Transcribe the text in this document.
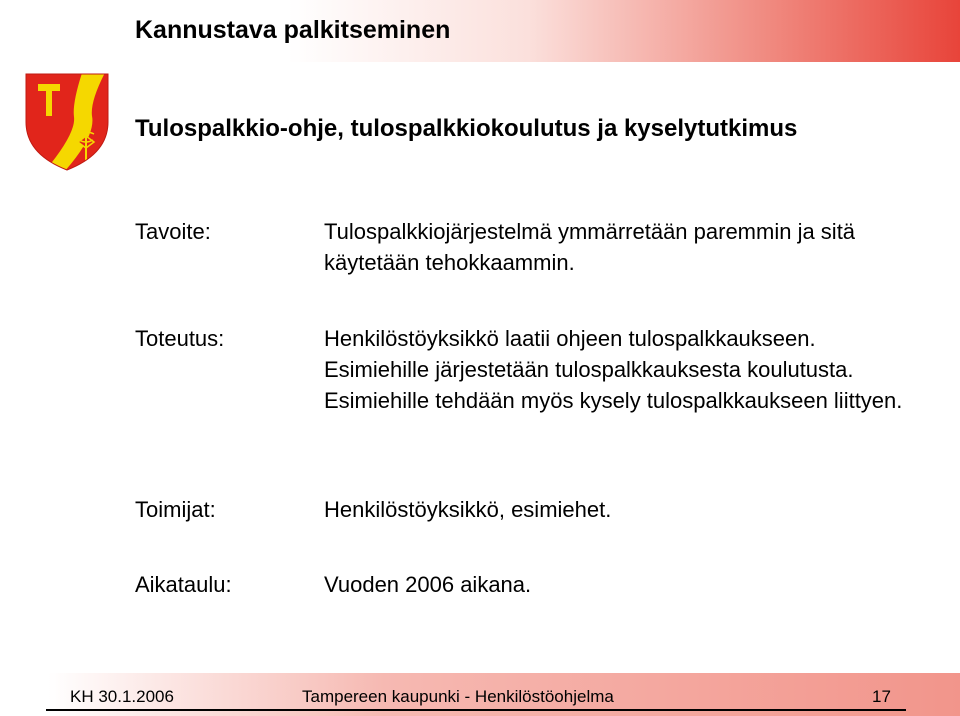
Kannustava palkitseminen
Tulospalkkio-ohje, tulospalkkiokoulutus ja kyselytutkimus
Tavoite:	Tulospalkkiojärjestelmä ymmärretään paremmin ja sitä käytetään tehokkaammin.
Toteutus:	Henkilöstöyksikkö laatii ohjeen tulospalkkaukseen. Esimiehille järjestetään tulospalkkauksesta koulutusta. Esimiehille tehdään myös kysely tulospalkkaukseen liittyen.
Toimijat:	Henkilöstöyksikkö, esimiehet.
Aikataulu:	Vuoden 2006 aikana.
KH 30.1.2006	Tampereen kaupunki - Henkilöstöohjelma	17
